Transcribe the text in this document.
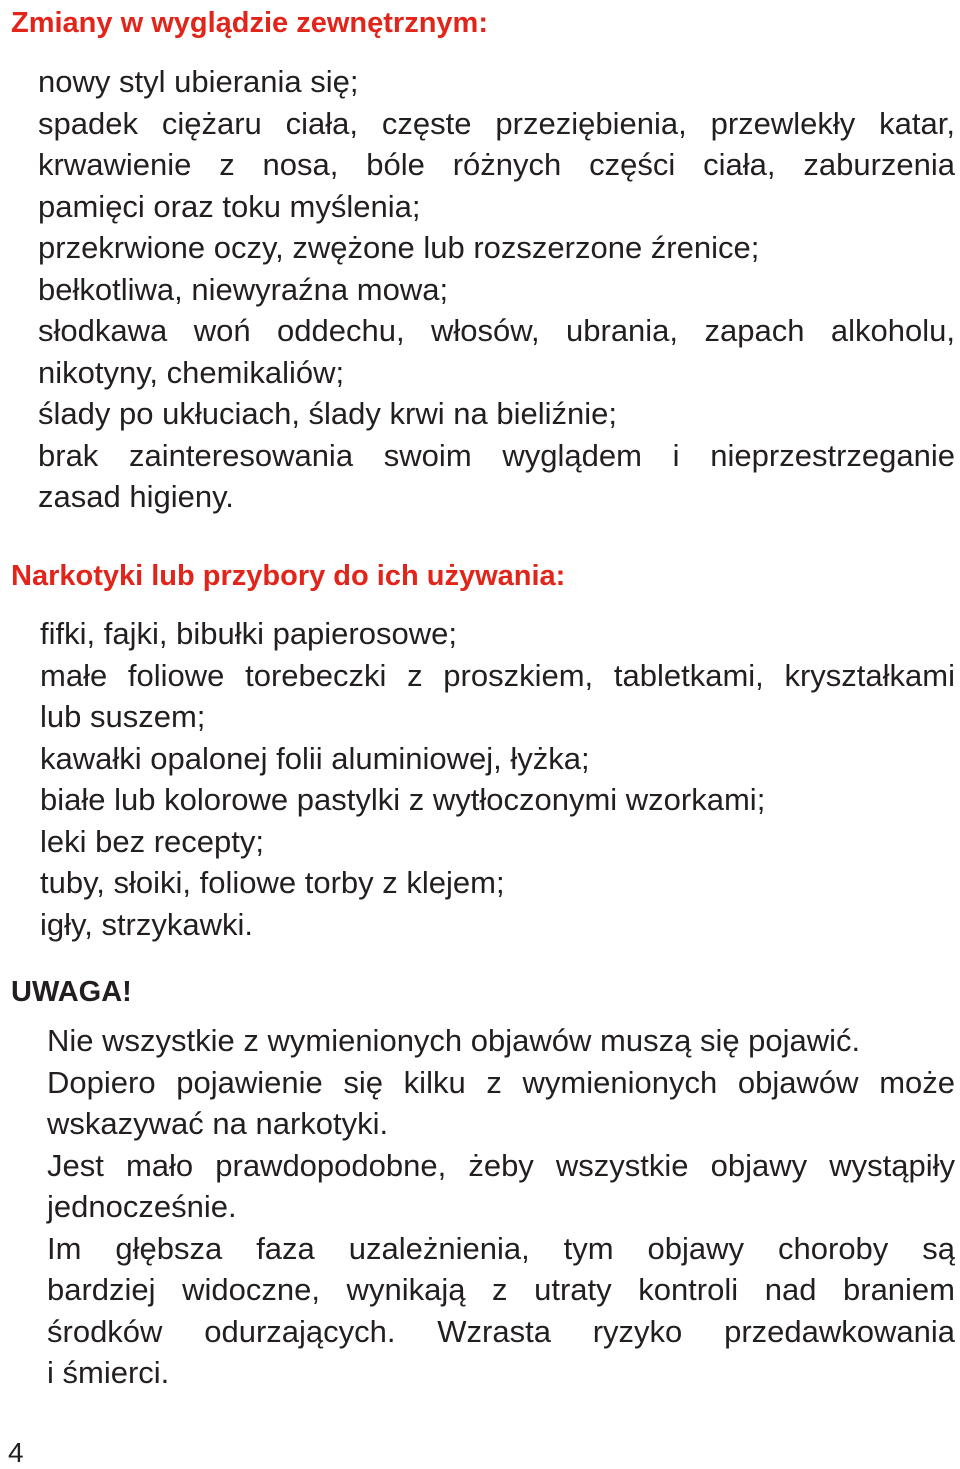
Zmiany w wyglądzie zewnętrznym:
nowy styl ubierania się;
spadek ciężaru ciała, częste przeziębienia, przewlekły katar,
krwawienie z nosa, bóle różnych części ciała, zaburzenia
pamięci oraz toku myślenia;
przekrwione oczy, zwężone lub rozszerzone źrenice;
bełkotliwa, niewyraźna mowa;
słodkawa woń oddechu, włosów, ubrania, zapach alkoholu,
nikotyny, chemikaliów;
ślady po ukłuciach, ślady krwi na bieliźnie;
brak zainteresowania swoim wyglądem i nieprzestrzeganie
zasad higieny.
Narkotyki lub przybory do ich używania:
fifki, fajki, bibułki papierosowe;
małe foliowe torebeczki z proszkiem, tabletkami, kryształkami
lub suszem;
kawałki opalonej folii aluminiowej, łyżka;
białe lub kolorowe pastylki z wytłoczonymi wzorkami;
leki bez recepty;
tuby, słoiki, foliowe torby z klejem;
igły, strzykawki.
UWAGA!
Nie wszystkie z wymienionych objawów muszą się pojawić.
Dopiero pojawienie się kilku z wymienionych objawów może
wskazywać na narkotyki.
Jest mało prawdopodobne, żeby wszystkie objawy wystąpiły
jednocześnie.
Im głębsza faza uzależnienia, tym objawy choroby są
bardziej widoczne, wynikają z utraty kontroli nad braniem
środków odurzających. Wzrasta ryzyko przedawkowania
i śmierci.
4
